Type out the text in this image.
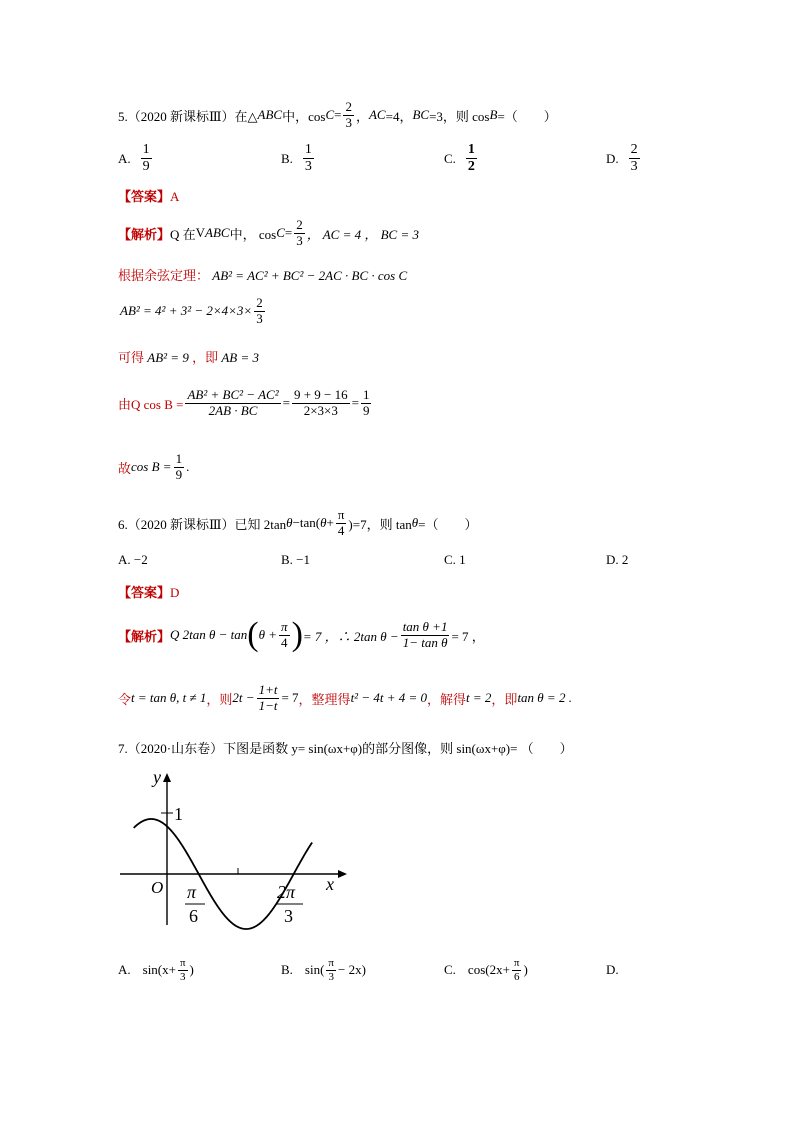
5.（2020 新课标Ⅲ）在△ ABC 中，$\cos C = \frac{2}{3}$ ， AC =4， BC =3，则 cos B =（　　）
A. $\frac{1}{9}$	B. $\frac{1}{3}$	C. $\frac{1}{2}$	D. $\frac{2}{3}$
【答案】A
【解析】 Q 在 V ABC 中， $\cos C = \frac{2}{3}$ ， AC = 4 ， BC = 3
根据余弦定理： AB² = AC² + BC² − 2AC · BC · cos C
$AB^2 = 4^2 + 3^2 - 2\times 4\times 3\times \frac{2}{3}$
可得 AB² = 9 ，即 AB = 3
由Q $\cos B = \frac{\text{AB² + BC² − AC²}}{2AB \cdot BC} = \frac{9 + 9 - 16}{2\times 3\times 3} = \frac{1}{9}$
故 $\cos B = \frac{1}{9}$ .
6.（2020 新课标Ⅲ）已知 2tan θ −tan( $\theta + \frac{\pi}{4} )=7$，则 tan θ =（　　）
A. −2	B. −1	C. 1	D. 2
【答案】D
【解析】 Q 2tan θ − tan ( $\theta + \frac{\pi}{4}$ ) = 7 ，∴ 2tan $\theta - \frac{\text{tan θ +1}}{\text{1− tan θ}} = 7$ ，
令 t = tan θ, t ≠ 1 ，则 $2t - \frac{1+t}{1-t} = 7$ ，整理得 t² − 4t + 4 = 0 ，解得 t = 2 ，即 tan θ = 2 .
7.（2020·山东卷）下图是函数 y= sin(ωx+φ)的部分图像，则 sin(ωx+φ)= （　　）
y
1
O	x
π
6
2π
3
A. $\sin(x+ \frac{\pi}{3}$ )	B. $\sin( \frac{\pi}{3} - 2x)$	C. $\cos(2x+ \frac{\pi}{6}$ )	D.
